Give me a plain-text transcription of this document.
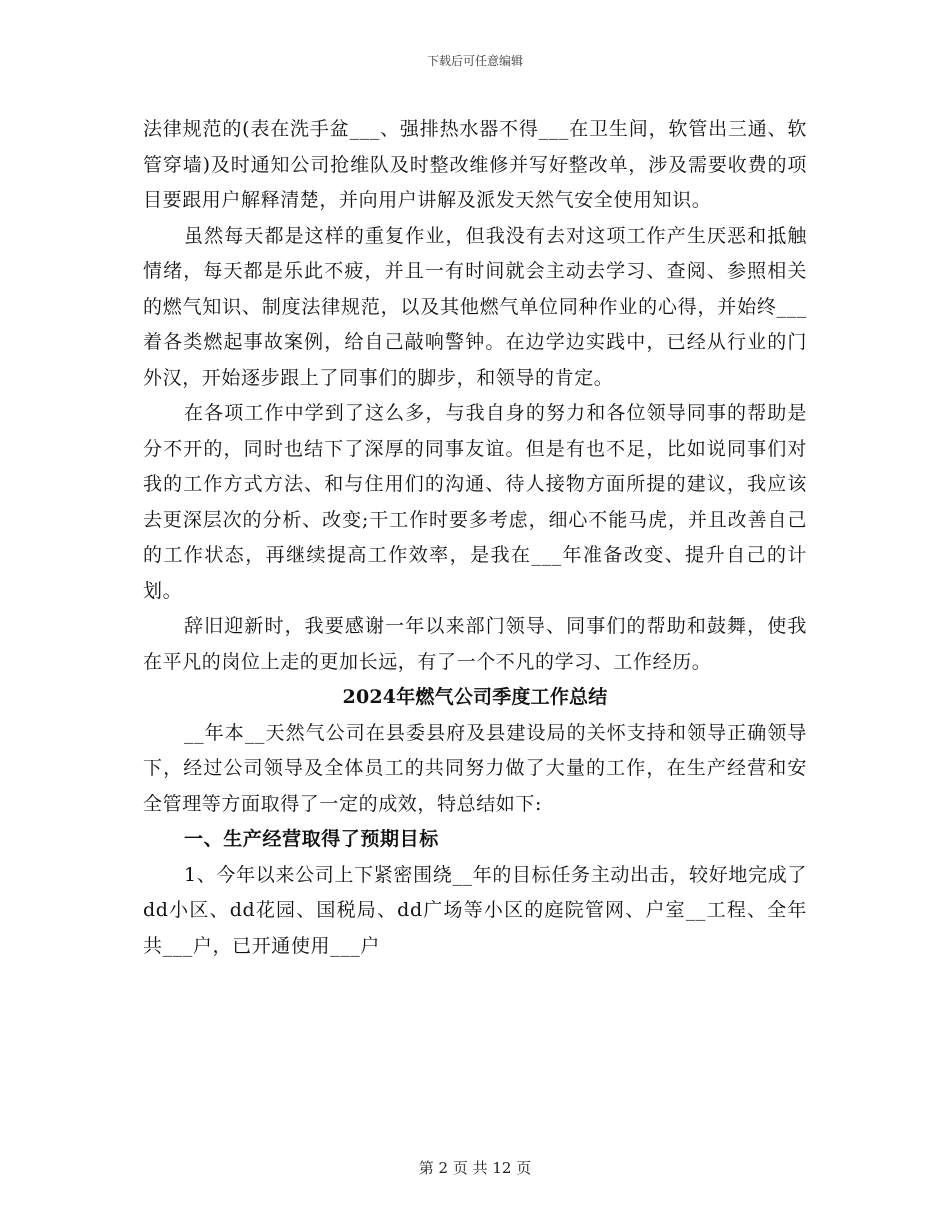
下载后可任意编辑

法律规范的(表在洗手盆___、强排热水器不得___在卫生间，软管出三通、软管穿墙)及时通知公司抢维队及时整改维修并写好整改单，涉及需要收费的项目要跟用户解释清楚，并向用户讲解及派发天然气安全使用知识。

虽然每天都是这样的重复作业，但我没有去对这项工作产生厌恶和抵触情绪，每天都是乐此不疲，并且一有时间就会主动去学习、查阅、参照相关的燃气知识、制度法律规范，以及其他燃气单位同种作业的心得，并始终___着各类燃起事故案例，给自己敲响警钟。在边学边实践中，已经从行业的门外汉，开始逐步跟上了同事们的脚步，和领导的肯定。

在各项工作中学到了这么多，与我自身的努力和各位领导同事的帮助是分不开的，同时也结下了深厚的同事友谊。但是有也不足，比如说同事们对我的工作方式方法、和与住用们的沟通、待人接物方面所提的建议，我应该去更深层次的分析、改变;干工作时要多考虑，细心不能马虎，并且改善自己的工作状态，再继续提高工作效率，是我在___年准备改变、提升自己的计划。

辞旧迎新时，我要感谢一年以来部门领导、同事们的帮助和鼓舞，使我在平凡的岗位上走的更加长远，有了一个不凡的学习、工作经历。

2024年燃气公司季度工作总结

__年本__天然气公司在县委县府及县建设局的关怀支持和领导正确领导下，经过公司领导及全体员工的共同努力做了大量的工作，在生产经营和安全管理等方面取得了一定的成效，特总结如下:

一、生产经营取得了预期目标

1、今年以来公司上下紧密围绕__年的目标任务主动出击，较好地完成了dd小区、dd花园、国税局、dd广场等小区的庭院管网、户室__工程、全年共___户，已开通使用___户

第 2 页 共 12 页
